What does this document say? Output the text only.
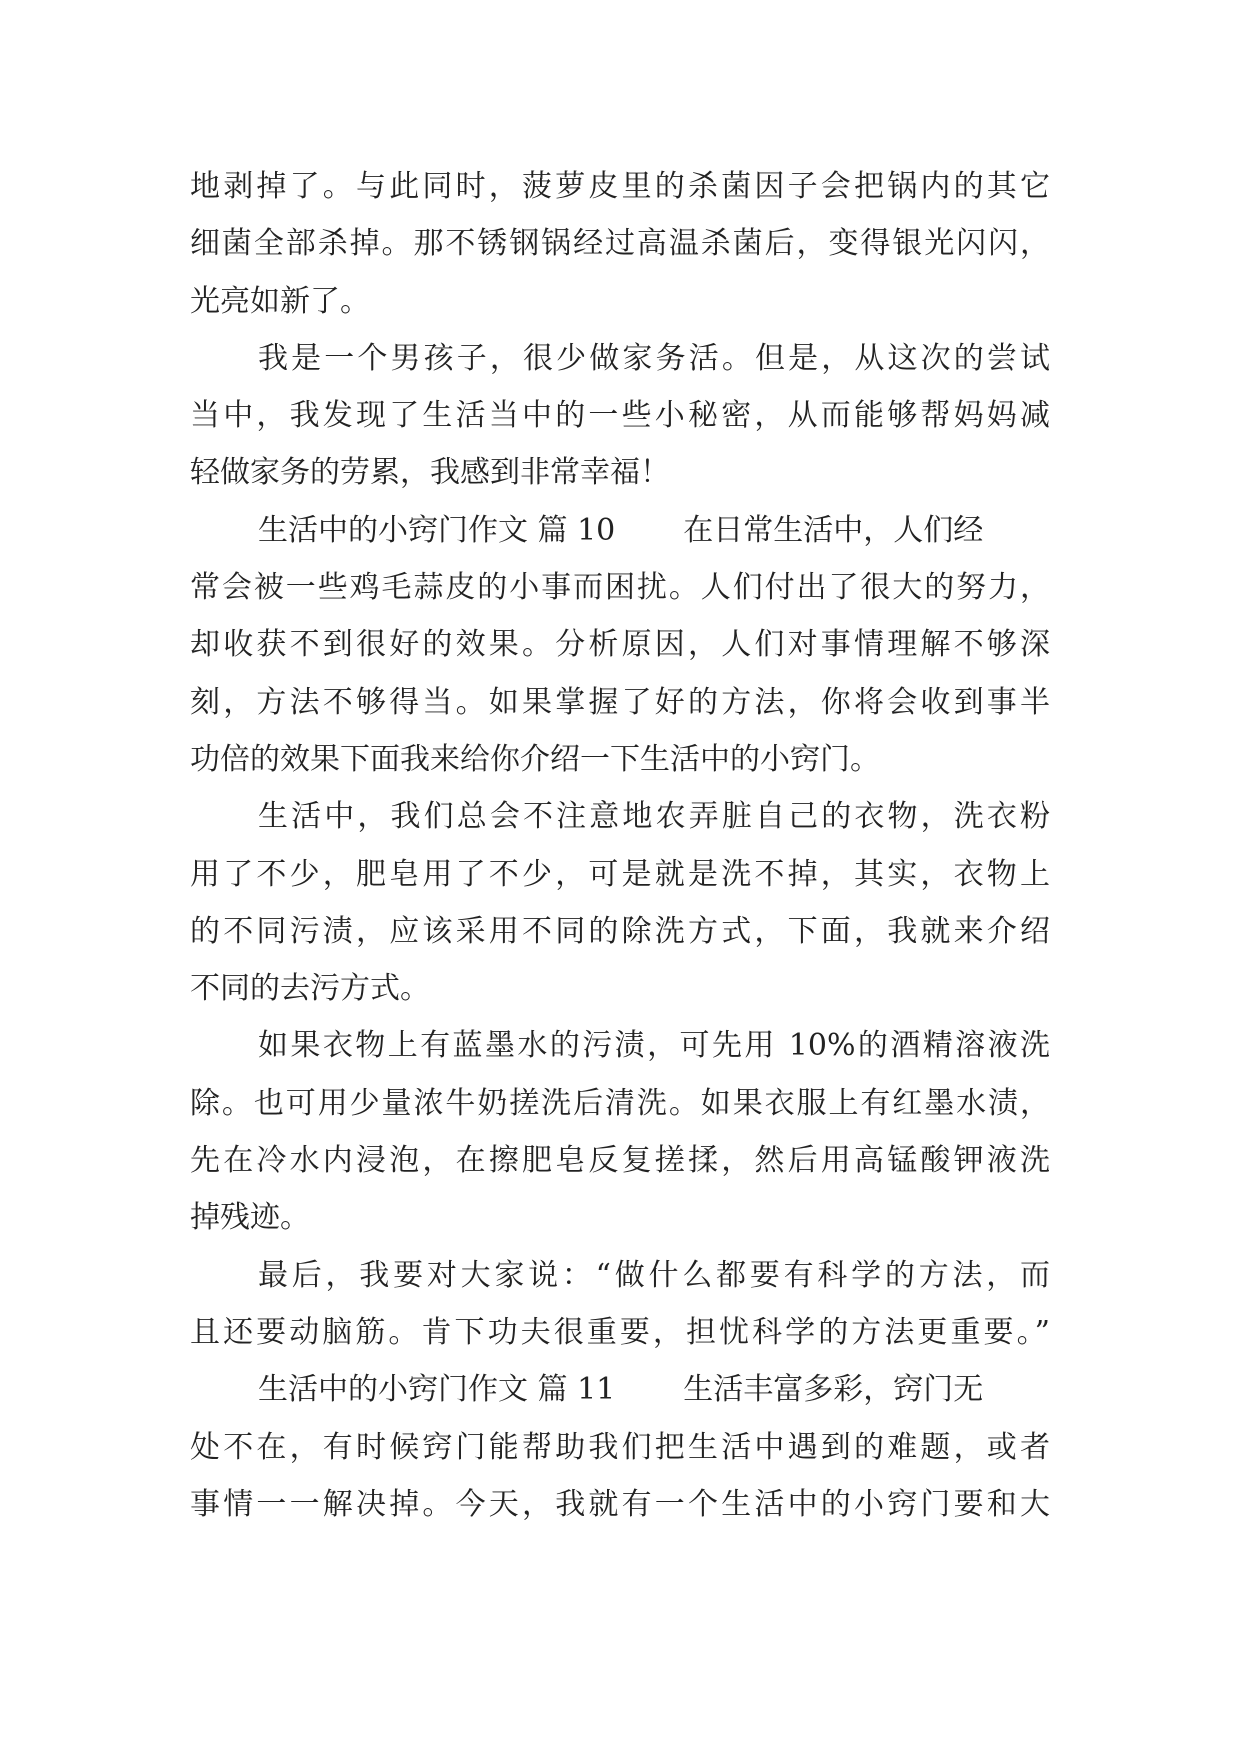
地剥掉了。与此同时，菠萝皮里的杀菌因子会把锅内的其它
细菌全部杀掉。那不锈钢锅经过高温杀菌后，变得银光闪闪，
光亮如新了。
我是一个男孩子，很少做家务活。但是，从这次的尝试
当中，我发现了生活当中的一些小秘密，从而能够帮妈妈减
轻做家务的劳累，我感到非常幸福！
生活中的小窍门作文 篇 10 在日常生活中，人们经
常会被一些鸡毛蒜皮的小事而困扰。人们付出了很大的努力，
却收获不到很好的效果。分析原因，人们对事情理解不够深
刻，方法不够得当。如果掌握了好的方法，你将会收到事半
功倍的效果下面我来给你介绍一下生活中的小窍门。
生活中，我们总会不注意地农弄脏自己的衣物，洗衣粉
用了不少，肥皂用了不少，可是就是洗不掉，其实，衣物上
的不同污渍，应该采用不同的除洗方式，下面，我就来介绍
不同的去污方式。
如果衣物上有蓝墨水的污渍，可先用 10%的酒精溶液洗
除。也可用少量浓牛奶搓洗后清洗。如果衣服上有红墨水渍，
先在冷水内浸泡，在擦肥皂反复搓揉，然后用高锰酸钾液洗
掉残迹。
最后，我要对大家说：“做什么都要有科学的方法，而
且还要动脑筋。肯下功夫很重要，担忧科学的方法更重要。”
生活中的小窍门作文 篇 11 生活丰富多彩，窍门无
处不在，有时候窍门能帮助我们把生活中遇到的难题，或者
事情一一解决掉。今天，我就有一个生活中的小窍门要和大
